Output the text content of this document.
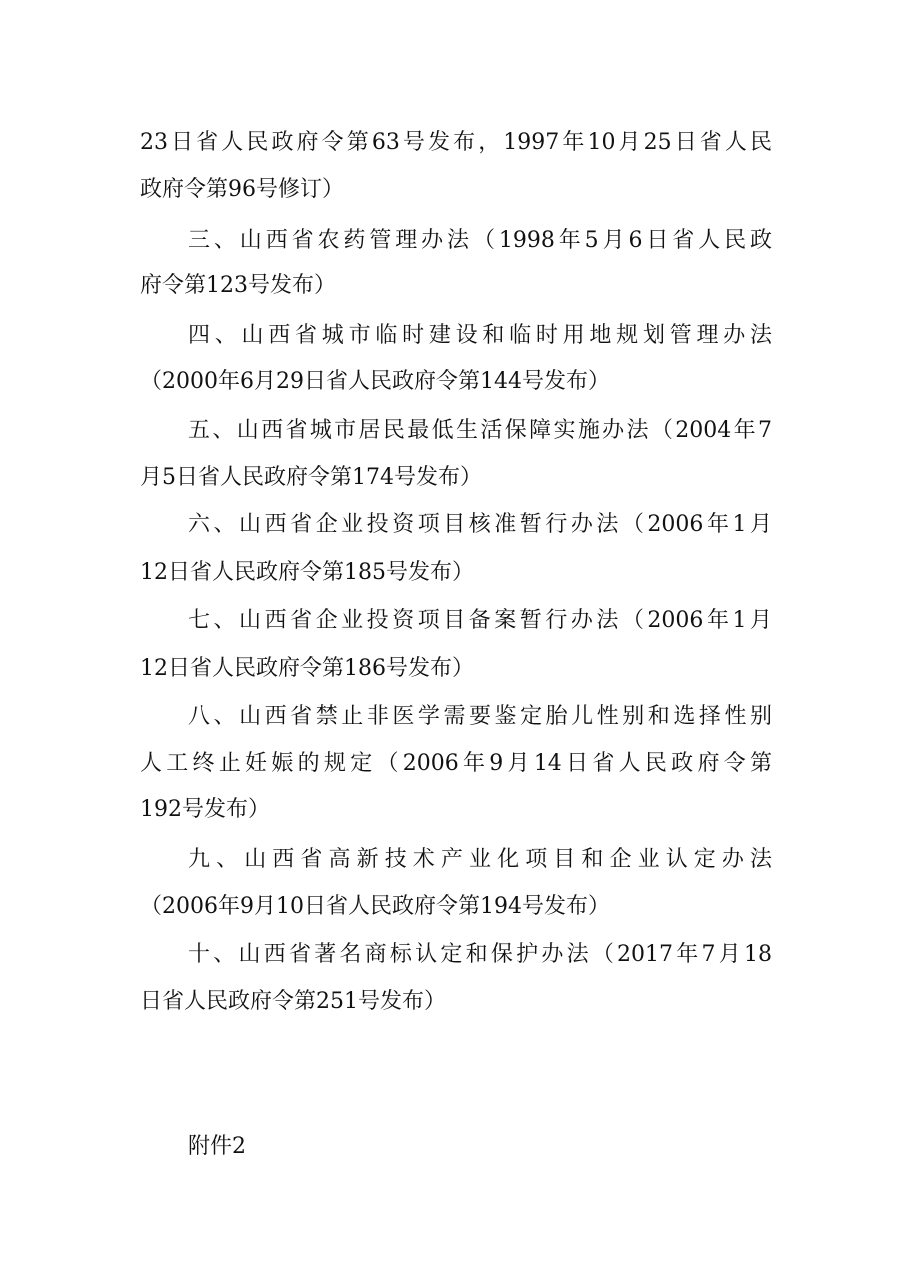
23日省人民政府令第63号发布，1997年10月25日省人民
政府令第96号修订）
三、山西省农药管理办法（1998年5月6日省人民政
府令第123号发布）
四、山西省城市临时建设和临时用地规划管理办法
（2000年6月29日省人民政府令第144号发布）
五、山西省城市居民最低生活保障实施办法（2004年7
月5日省人民政府令第174号发布）
六、山西省企业投资项目核准暂行办法（2006年1月
12日省人民政府令第185号发布）
七、山西省企业投资项目备案暂行办法（2006年1月
12日省人民政府令第186号发布）
八、山西省禁止非医学需要鉴定胎儿性别和选择性别
人工终止妊娠的规定（2006年9月14日省人民政府令第
192号发布）
九、山西省高新技术产业化项目和企业认定办法
（2006年9月10日省人民政府令第194号发布）
十、山西省著名商标认定和保护办法（2017年7月18
日省人民政府令第251号发布）
附件2
